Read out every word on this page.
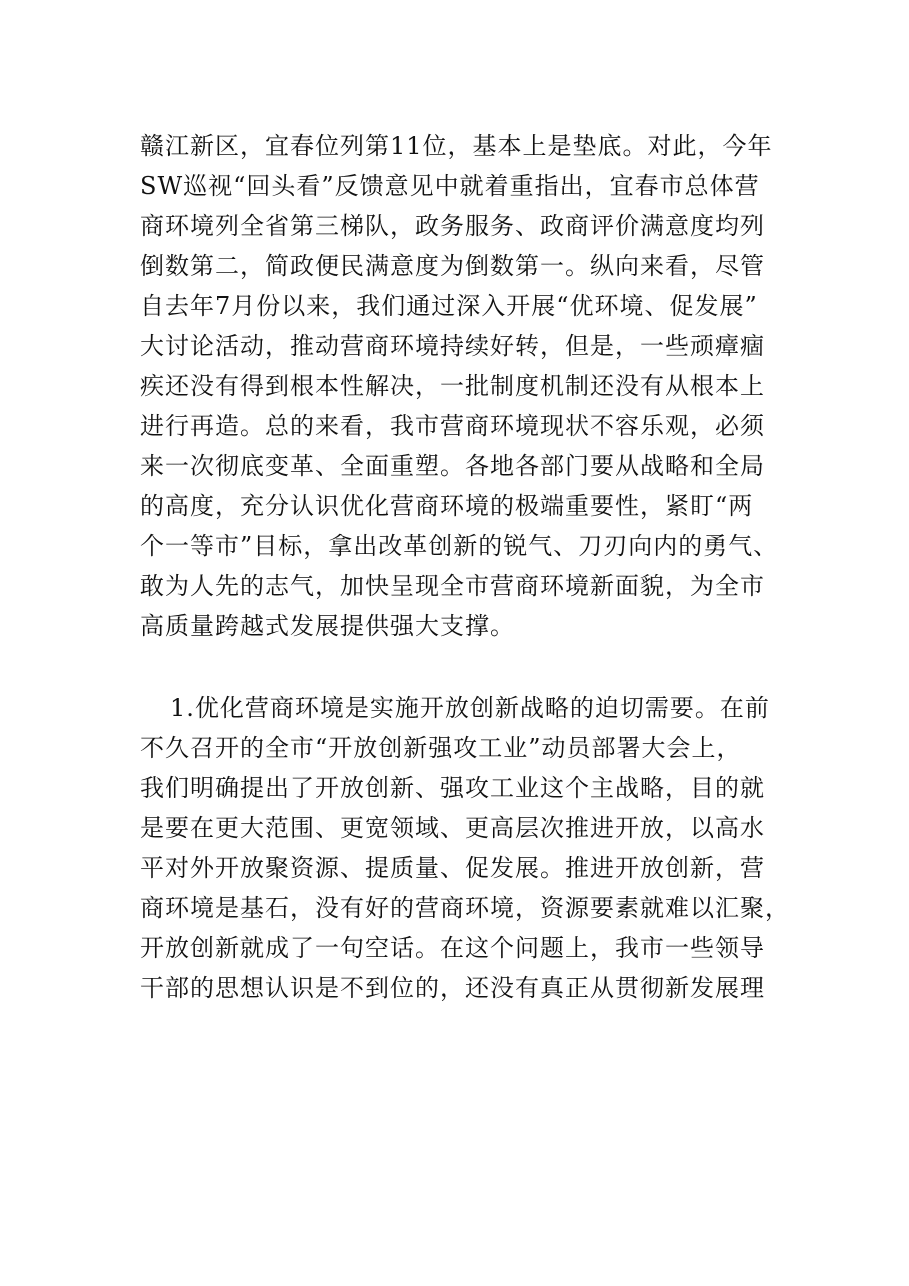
赣江新区，宜春位列第11位，基本上是垫底。对此，今年
SW巡视“回头看”反馈意见中就着重指出，宜春市总体营
商环境列全省第三梯队，政务服务、政商评价满意度均列
倒数第二，简政便民满意度为倒数第一。纵向来看，尽管
自去年7月份以来，我们通过深入开展“优环境、促发展”
大讨论活动，推动营商环境持续好转，但是，一些顽瘴痼
疾还没有得到根本性解决，一批制度机制还没有从根本上
进行再造。总的来看，我市营商环境现状不容乐观，必须
来一次彻底变革、全面重塑。各地各部门要从战略和全局
的高度，充分认识优化营商环境的极端重要性，紧盯“两
个一等市”目标，拿出改革创新的锐气、刀刃向内的勇气、
敢为人先的志气，加快呈现全市营商环境新面貌，为全市
高质量跨越式发展提供强大支撑。
1.优化营商环境是实施开放创新战略的迫切需要。在前
不久召开的全市“开放创新强攻工业”动员部署大会上，
我们明确提出了开放创新、强攻工业这个主战略，目的就
是要在更大范围、更宽领域、更高层次推进开放，以高水
平对外开放聚资源、提质量、促发展。推进开放创新，营
商环境是基石，没有好的营商环境，资源要素就难以汇聚，
开放创新就成了一句空话。在这个问题上，我市一些领导
干部的思想认识是不到位的，还没有真正从贯彻新发展理
